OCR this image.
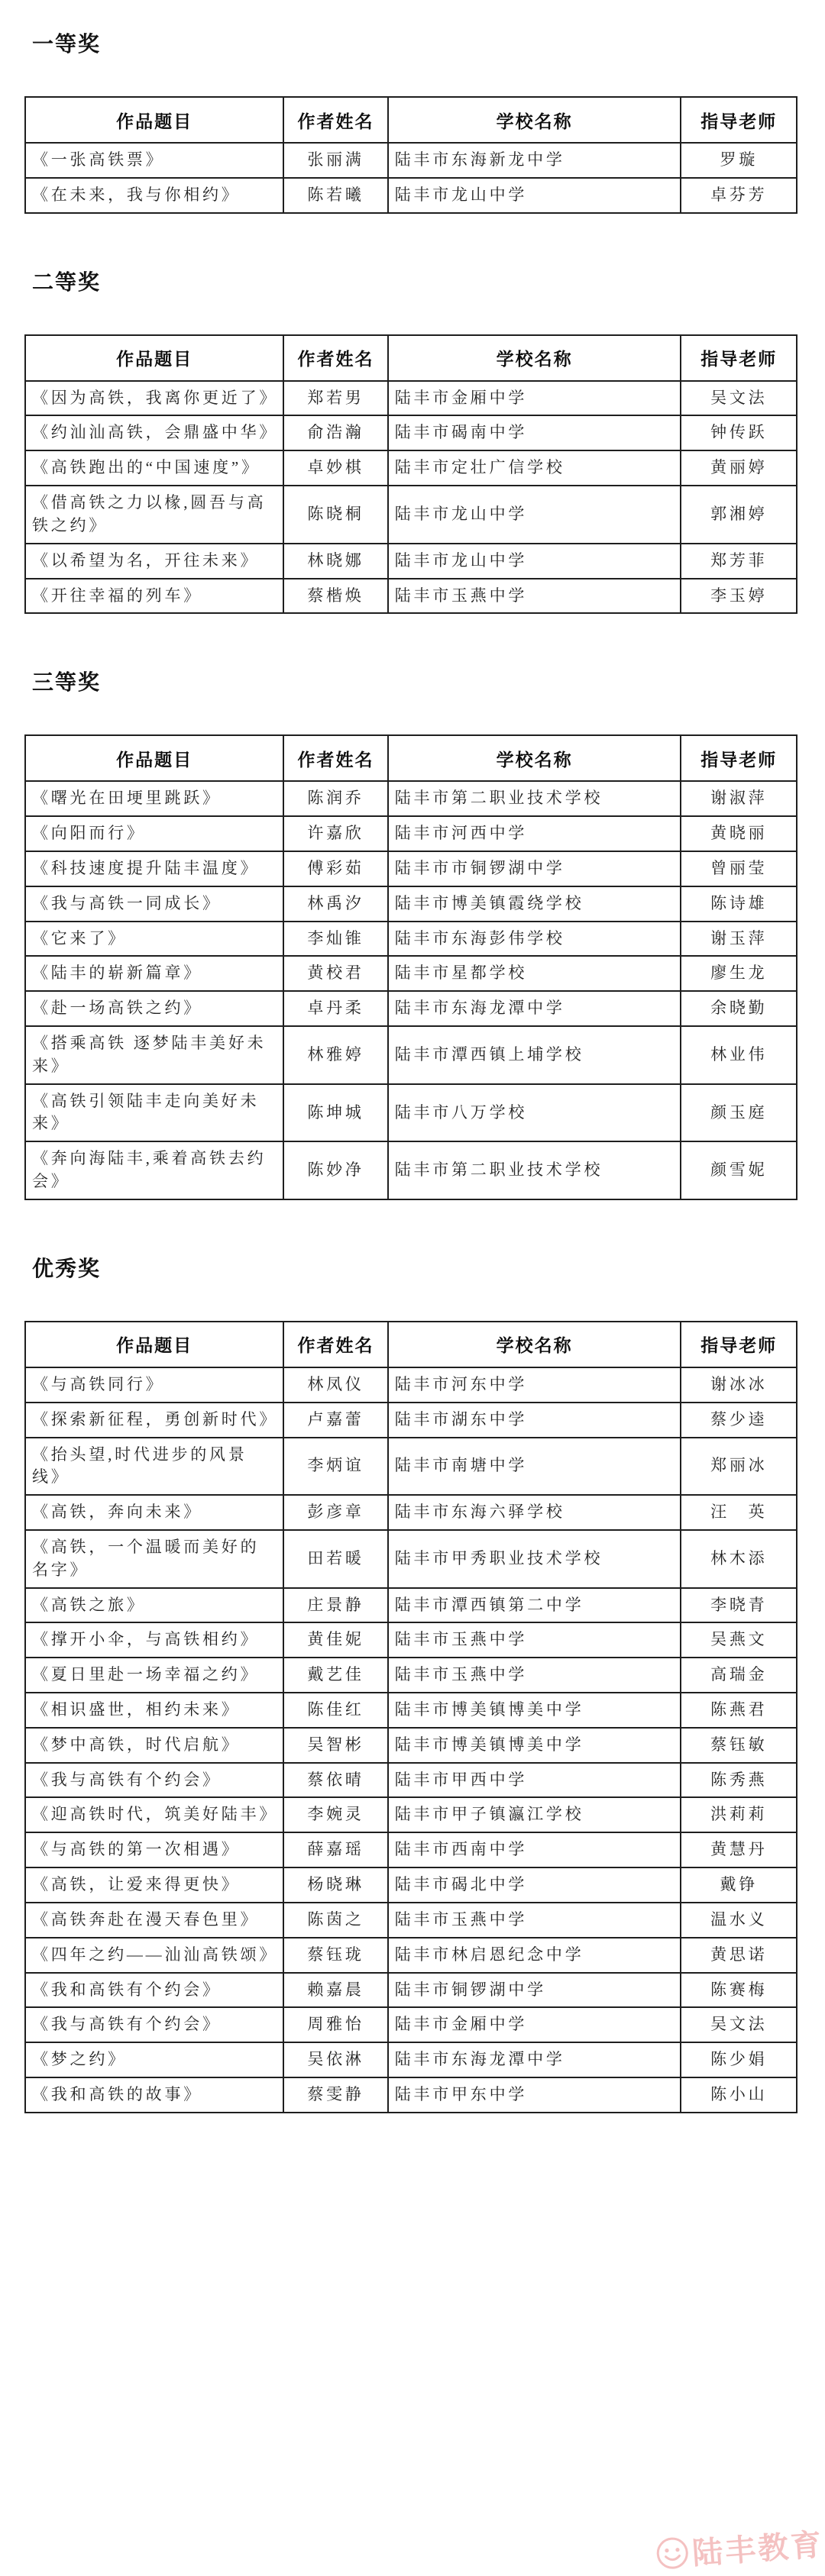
一等奖
作品题目	作者姓名	学校名称	指导老师
《一张高铁票》	张丽满	陆丰市东海新龙中学	罗璇
《在未来，我与你相约》	陈若曦	陆丰市龙山中学	卓芬芳
二等奖
作品题目	作者姓名	学校名称	指导老师
《因为高铁，我离你更近了》	郑若男	陆丰市金厢中学	吴文法
《约汕汕高铁，会鼎盛中华》	俞浩瀚	陆丰市碣南中学	钟传跃
《高铁跑出的“中国速度”》	卓妙棋	陆丰市定壮广信学校	黄丽婷
《借高铁之力以椽,圆吾与高铁之约》	陈晓桐	陆丰市龙山中学	郭湘婷
《以希望为名，开往未来》	林晓娜	陆丰市龙山中学	郑芳菲
《开往幸福的列车》	蔡楷焕	陆丰市玉燕中学	李玉婷
三等奖
作品题目	作者姓名	学校名称	指导老师
《曙光在田埂里跳跃》	陈润乔	陆丰市第二职业技术学校	谢淑萍
《向阳而行》	许嘉欣	陆丰市河西中学	黄晓丽
《科技速度提升陆丰温度》	傅彩茹	陆丰市市铜锣湖中学	曾丽莹
《我与高铁一同成长》	林禹汐	陆丰市博美镇霞绕学校	陈诗雄
《它来了》	李灿锥	陆丰市东海彭伟学校	谢玉萍
《陆丰的崭新篇章》	黄校君	陆丰市星都学校	廖生龙
《赴一场高铁之约》	卓丹柔	陆丰市东海龙潭中学	余晓勤
《搭乘高铁 逐梦陆丰美好未来》	林雅婷	陆丰市潭西镇上埔学校	林业伟
《高铁引领陆丰走向美好未来》	陈坤城	陆丰市八万学校	颜玉庭
《奔向海陆丰,乘着高铁去约会》	陈妙净	陆丰市第二职业技术学校	颜雪妮
优秀奖
作品题目	作者姓名	学校名称	指导老师
《与高铁同行》	林凤仪	陆丰市河东中学	谢冰冰
《探索新征程，勇创新时代》	卢嘉蕾	陆丰市湖东中学	蔡少逵
《抬头望,时代进步的风景线》	李炳谊	陆丰市南塘中学	郑丽冰
《高铁，奔向未来》	彭彦章	陆丰市东海六驿学校	汪　英
《高铁，一个温暖而美好的名字》	田若暖	陆丰市甲秀职业技术学校	林木添
《高铁之旅》	庄景静	陆丰市潭西镇第二中学	李晓青
《撑开小伞，与高铁相约》	黄佳妮	陆丰市玉燕中学	吴燕文
《夏日里赴一场幸福之约》	戴艺佳	陆丰市玉燕中学	高瑞金
《相识盛世，相约未来》	陈佳红	陆丰市博美镇博美中学	陈燕君
《梦中高铁，时代启航》	吴智彬	陆丰市博美镇博美中学	蔡钰敏
《我与高铁有个约会》	蔡依晴	陆丰市甲西中学	陈秀燕
《迎高铁时代，筑美好陆丰》	李婉灵	陆丰市甲子镇瀛江学校	洪莉莉
《与高铁的第一次相遇》	薛嘉瑶	陆丰市西南中学	黄慧丹
《高铁，让爱来得更快》	杨晓琳	陆丰市碣北中学	戴铮
《高铁奔赴在漫天春色里》	陈茵之	陆丰市玉燕中学	温水义
《四年之约——汕汕高铁颂》	蔡钰珑	陆丰市林启恩纪念中学	黄思诺
《我和高铁有个约会》	赖嘉晨	陆丰市铜锣湖中学	陈赛梅
《我与高铁有个约会》	周雅怡	陆丰市金厢中学	吴文法
《梦之约》	吴依淋	陆丰市东海龙潭中学	陈少娟
《我和高铁的故事》	蔡雯静	陆丰市甲东中学	陈小山
陆丰教育
